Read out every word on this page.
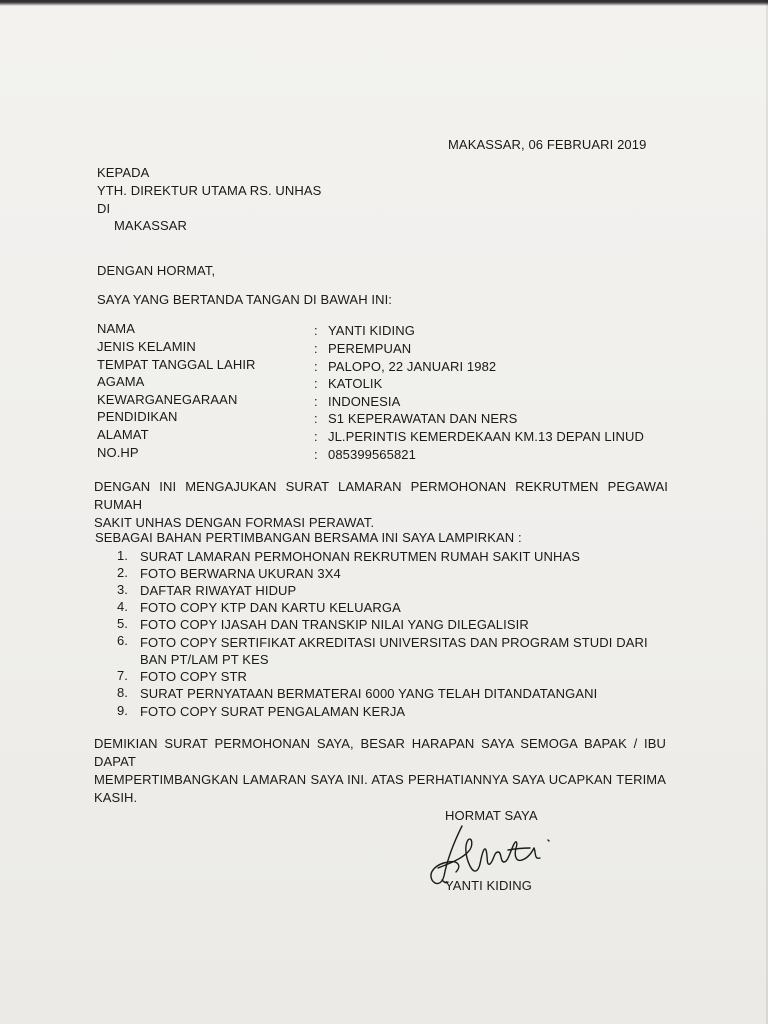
MAKASSAR, 06 FEBRUARI 2019
KEPADA
YTH. DIREKTUR UTAMA RS. UNHAS
DI
MAKASSAR
DENGAN HORMAT,
SAYA YANG BERTANDA TANGAN DI BAWAH INI:
NAMA	: YANTI KIDING
JENIS KELAMIN	: PEREMPUAN
TEMPAT TANGGAL LAHIR	: PALOPO, 22 JANUARI 1982
AGAMA	: KATOLIK
KEWARGANEGARAAN	: INDONESIA
PENDIDIKAN	: S1 KEPERAWATAN DAN NERS
ALAMAT	: JL.PERINTIS KEMERDEKAAN KM.13 DEPAN LINUD
NO.HP	: 085399565821
DENGAN INI MENGAJUKAN SURAT LAMARAN PERMOHONAN REKRUTMEN PEGAWAI RUMAH
SAKIT UNHAS DENGAN FORMASI PERAWAT.
SEBAGAI BAHAN PERTIMBANGAN BERSAMA INI SAYA LAMPIRKAN :
1. SURAT LAMARAN PERMOHONAN REKRUTMEN RUMAH SAKIT UNHAS
2. FOTO BERWARNA UKURAN 3X4
3. DAFTAR RIWAYAT HIDUP
4. FOTO COPY KTP DAN KARTU KELUARGA
5. FOTO COPY IJASAH DAN TRANSKIP NILAI YANG DILEGALISIR
6. FOTO COPY SERTIFIKAT AKREDITASI UNIVERSITAS DAN PROGRAM STUDI DARI
BAN PT/LAM PT KES
7. FOTO COPY STR
8. SURAT PERNYATAAN BERMATERAI 6000 YANG TELAH DITANDATANGANI
9. FOTO COPY SURAT PENGALAMAN KERJA
DEMIKIAN SURAT PERMOHONAN SAYA, BESAR HARAPAN SAYA SEMOGA BAPAK / IBU DAPAT
MEMPERTIMBANGKAN LAMARAN SAYA INI. ATAS PERHATIANNYA SAYA UCAPKAN TERIMA
KASIH.
HORMAT SAYA
YANTI KIDING
